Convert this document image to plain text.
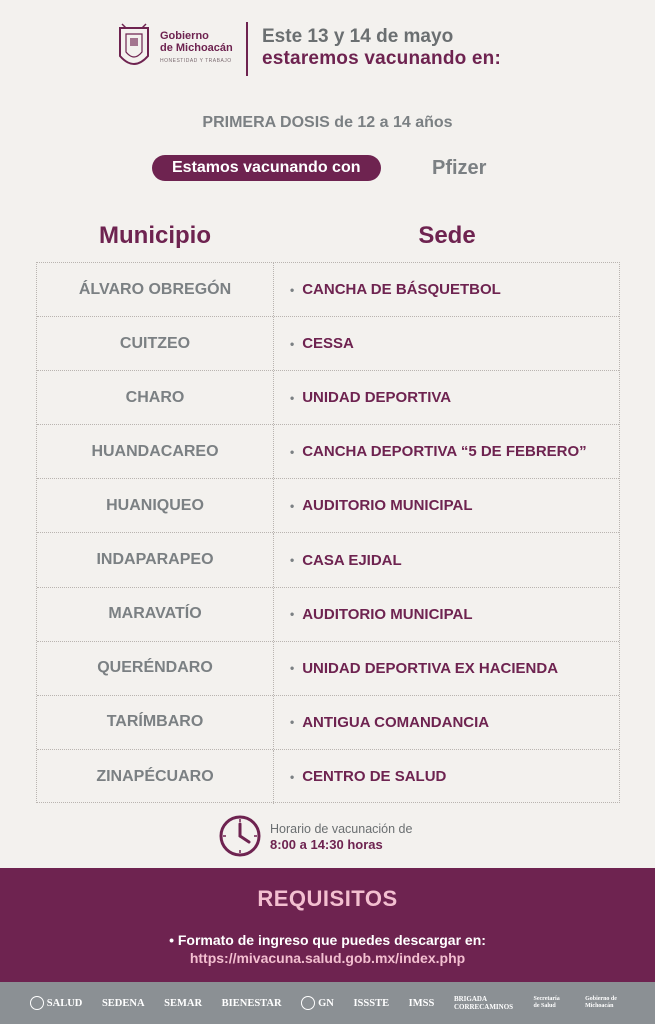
Gobierno
de Michoacán
HONESTIDAD Y TRABAJO
Este 13 y 14 de mayo
estaremos vacunando en:
PRIMERA DOSIS de 12 a 14 años
Estamos vacunando con	Pfizer
Municipio	Sede
ÁLVARO OBREGÓN	• CANCHA DE BÁSQUETBOL
CUITZEO	• CESSA
CHARO	• UNIDAD DEPORTIVA
HUANDACAREO	• CANCHA DEPORTIVA “5 DE FEBRERO”
HUANIQUEO	• AUDITORIO MUNICIPAL
INDAPARAPEO	• CASA EJIDAL
MARAVATÍO	• AUDITORIO MUNICIPAL
QUERÉNDARO	• UNIDAD DEPORTIVA EX HACIENDA
TARÍMBARO	• ANTIGUA COMANDANCIA
ZINAPÉCUARO	• CENTRO DE SALUD
Horario de vacunación de
8:00 a 14:30 horas
REQUISITOS
• Formato de ingreso que puedes descargar en:
https://mivacuna.salud.gob.mx/index.php
SALUD SEDENA SEMAR BIENESTAR	GN ISSSTE IMSS	BRIGADA CORRECAMINOS
Secretaría de Salud
Gobierno de Michoacán
